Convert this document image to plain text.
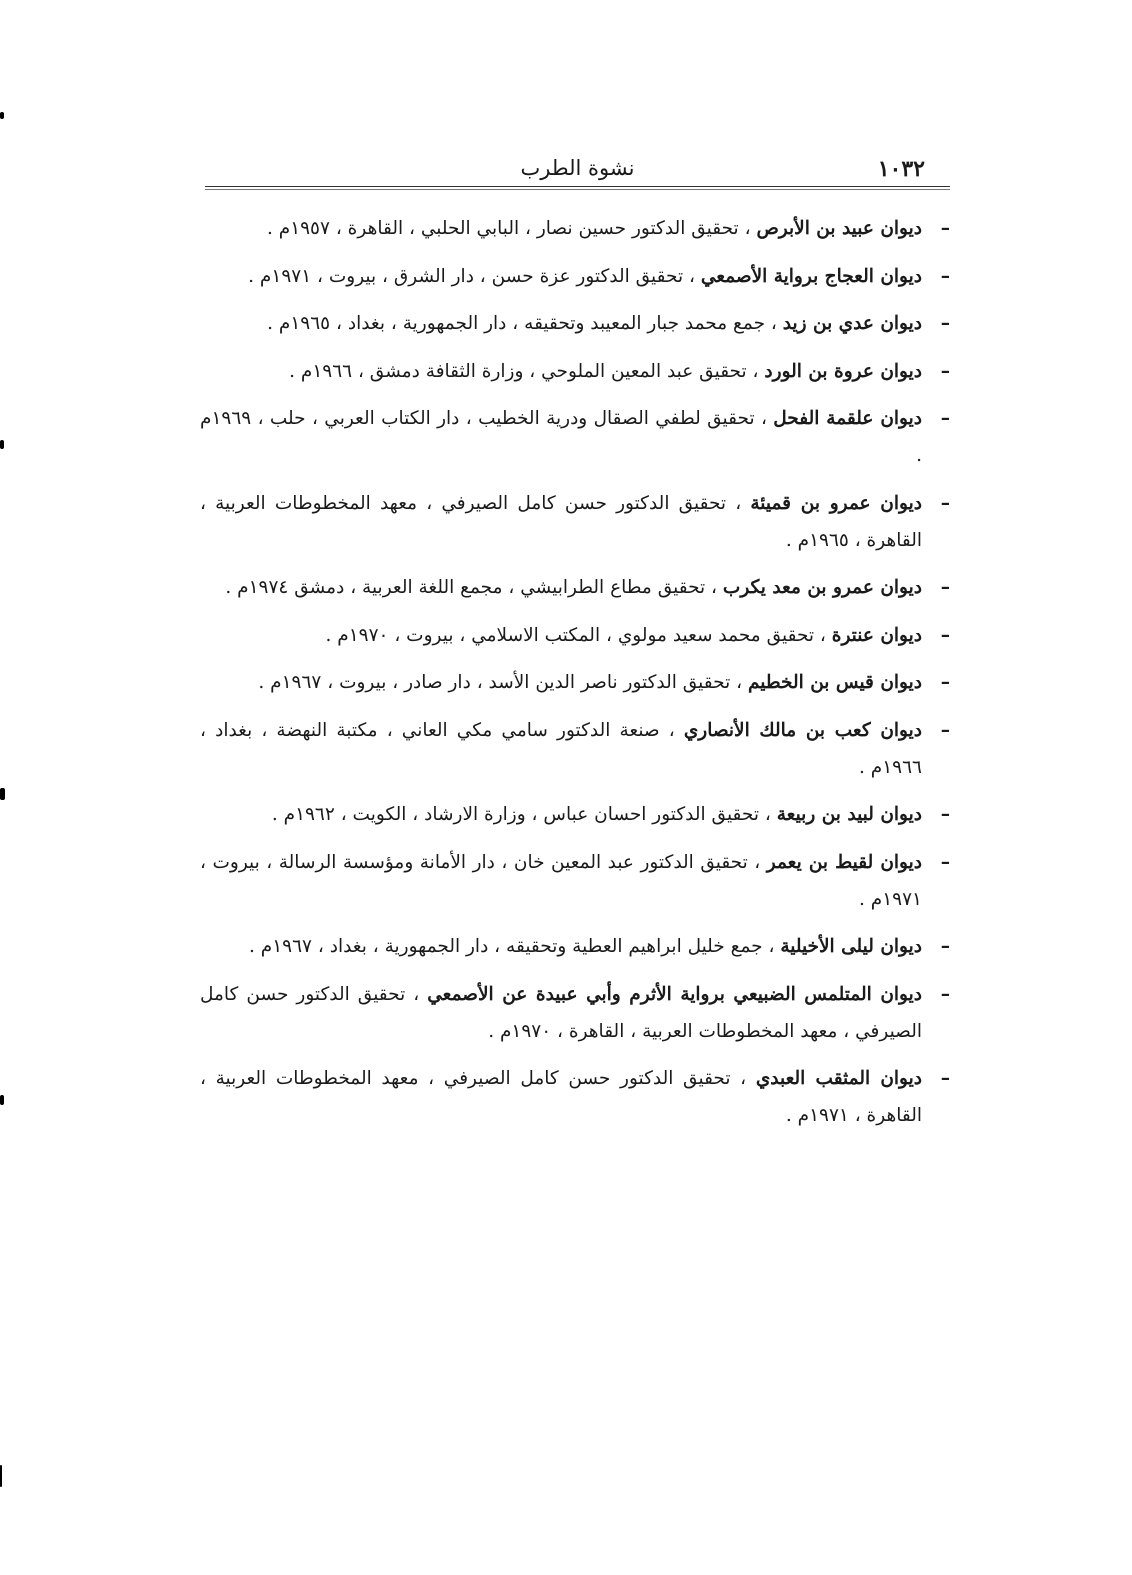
١٠٣٢
نشوة الطرب
– ديوان عبيد بن الأبرص ، تحقيق الدكتور حسين نصار ، البابي الحلبي ، القاهرة ، ١٩٥٧م .
– ديوان العجاج برواية الأصمعي ، تحقيق الدكتور عزة حسن ، دار الشرق ، بيروت ، ١٩٧١م .
– ديوان عدي بن زيد ، جمع محمد جبار المعيبد وتحقيقه ، دار الجمهورية ، بغداد ، ١٩٦٥م .
– ديوان عروة بن الورد ، تحقيق عبد المعين الملوحي ، وزارة الثقافة دمشق ، ١٩٦٦م .
– ديوان علقمة الفحل ، تحقيق لطفي الصقال ودرية الخطيب ، دار الكتاب العربي ، حلب ، ١٩٦٩م .
– ديوان عمرو بن قميئة ، تحقيق الدكتور حسن كامل الصيرفي ، معهد المخطوطات العربية ، القاهرة ، ١٩٦٥م .
– ديوان عمرو بن معد يكرب ، تحقيق مطاع الطرابيشي ، مجمع اللغة العربية ، دمشق ١٩٧٤م .
– ديوان عنترة ، تحقيق محمد سعيد مولوي ، المكتب الاسلامي ، بيروت ، ١٩٧٠م .
– ديوان قيس بن الخطيم ، تحقيق الدكتور ناصر الدين الأسد ، دار صادر ، بيروت ، ١٩٦٧م .
– ديوان كعب بن مالك الأنصاري ، صنعة الدكتور سامي مكي العاني ، مكتبة النهضة ، بغداد ، ١٩٦٦م .
– ديوان لبيد بن ربيعة ، تحقيق الدكتور احسان عباس ، وزارة الارشاد ، الكويت ، ١٩٦٢م .
– ديوان لقيط بن يعمر ، تحقيق الدكتور عبد المعين خان ، دار الأمانة ومؤسسة الرسالة ، بيروت ، ١٩٧١م .
– ديوان ليلى الأخيلية ، جمع خليل ابراهيم العطية وتحقيقه ، دار الجمهورية ، بغداد ، ١٩٦٧م .
– ديوان المتلمس الضبيعي برواية الأثرم وأبي عبيدة عن الأصمعي ، تحقيق الدكتور حسن كامل الصيرفي ، معهد المخطوطات العربية ، القاهرة ، ١٩٧٠م .
– ديوان المثقب العبدي ، تحقيق الدكتور حسن كامل الصيرفي ، معهد المخطوطات العربية ، القاهرة ، ١٩٧١م .
